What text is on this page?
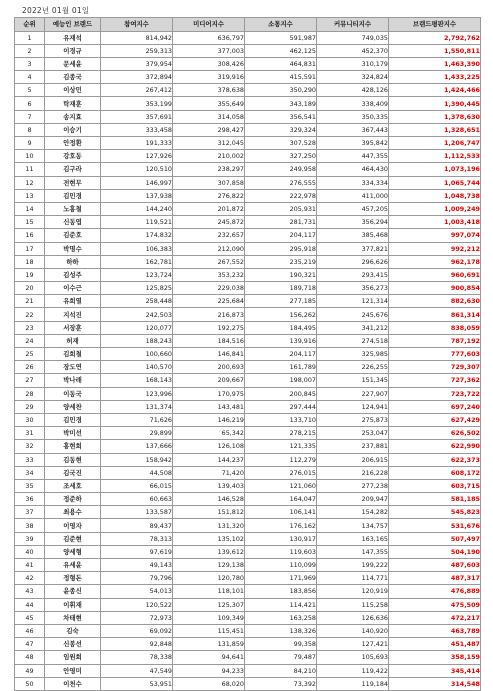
2022년 01월 01일
순위	예능인 브랜드	참여지수	미디어지수	소통지수	커뮤니티지수	브랜드평판지수
1	유재석	814,942	636,797	591,987	749,035	2,792,762
2	이경규	259,313	377,003	462,125	452,370	1,550,811
3	문세윤	379,954	308,426	464,831	310,179	1,463,390
4	김종국	372,894	319,916	415,591	324,824	1,433,225
5	이상민	267,412	378,638	350,290	428,126	1,424,466
6	탁재훈	353,199	355,649	343,189	338,409	1,390,445
7	송지효	357,691	314,058	356,541	350,335	1,378,630
8	이승기	333,458	298,427	329,324	367,443	1,328,651
9	안정환	191,333	312,045	307,528	395,842	1,206,747
10	강호동	127,926	210,002	327,250	447,355	1,112,533
11	김구라	120,510	238,297	249,958	464,430	1,073,196
12	전현무	146,997	307,858	276,555	334,334	1,065,744
13	김민경	137,938	276,822	222,978	411,000	1,048,738
14	노홍철	144,240	201,872	205,931	457,205	1,009,249
15	신동엽	119,521	245,872	281,731	356,294	1,003,418
16	김준호	174,832	232,657	204,117	385,468	997,074
17	박명수	106,383	212,090	295,918	377,821	992,212
18	하하	162,781	267,552	235,219	296,626	962,178
19	김성주	123,724	353,232	190,321	293,415	960,691
20	이수근	125,825	229,038	189,718	356,273	900,854
21	유희열	258,448	225,684	277,185	121,314	882,630
22	지석진	242,503	216,873	156,262	245,676	861,314
23	서장훈	120,077	192,275	184,495	341,212	838,059
24	허재	188,243	184,516	139,916	274,518	787,192
25	김희철	100,660	146,841	204,117	325,985	777,603
26	장도연	140,570	200,693	161,789	226,255	729,307
27	박나래	168,143	209,667	198,007	151,345	727,362
28	이동국	123,996	170,975	200,845	227,907	723,722
29	양세찬	131,374	143,481	297,444	124,941	697,240
30	김민경	71,626	146,219	133,710	275,873	627,429
31	박미선	29,899	65,342	278,215	253,047	626,502
32	홍현희	137,666	126,108	121,335	237,881	622,990
33	김동현	158,942	144,237	112,279	206,915	622,373
34	김국진	44,508	71,420	276,015	216,228	608,172
35	조세호	66,015	139,403	121,060	277,238	603,715
36	정준하	60,663	146,528	164,047	209,947	581,185
37	최용수	133,587	151,812	106,141	154,282	545,823
38	이영자	89,437	131,320	176,162	134,757	531,676
39	김준현	78,313	135,102	130,917	163,165	507,497
40	양세형	97,619	139,612	119,603	147,355	504,190
41	유세윤	49,143	129,138	110,099	199,222	487,603
42	정형돈	79,796	120,780	171,969	114,771	487,317
43	윤종신	54,013	118,101	183,856	120,919	476,889
44	이휘재	120,522	125,307	114,421	115,258	475,509
45	차태현	72,973	109,349	163,258	126,636	472,217
46	김숙	69,092	115,451	138,326	140,920	463,789
47	신봉선	92,848	131,859	99,358	127,421	451,487
48	임원희	78,338	94,641	79,487	105,693	358,159
49	안영미	47,549	94,233	84,210	119,422	345,414
50	이천수	53,951	68,020	73,392	119,184	314,548
